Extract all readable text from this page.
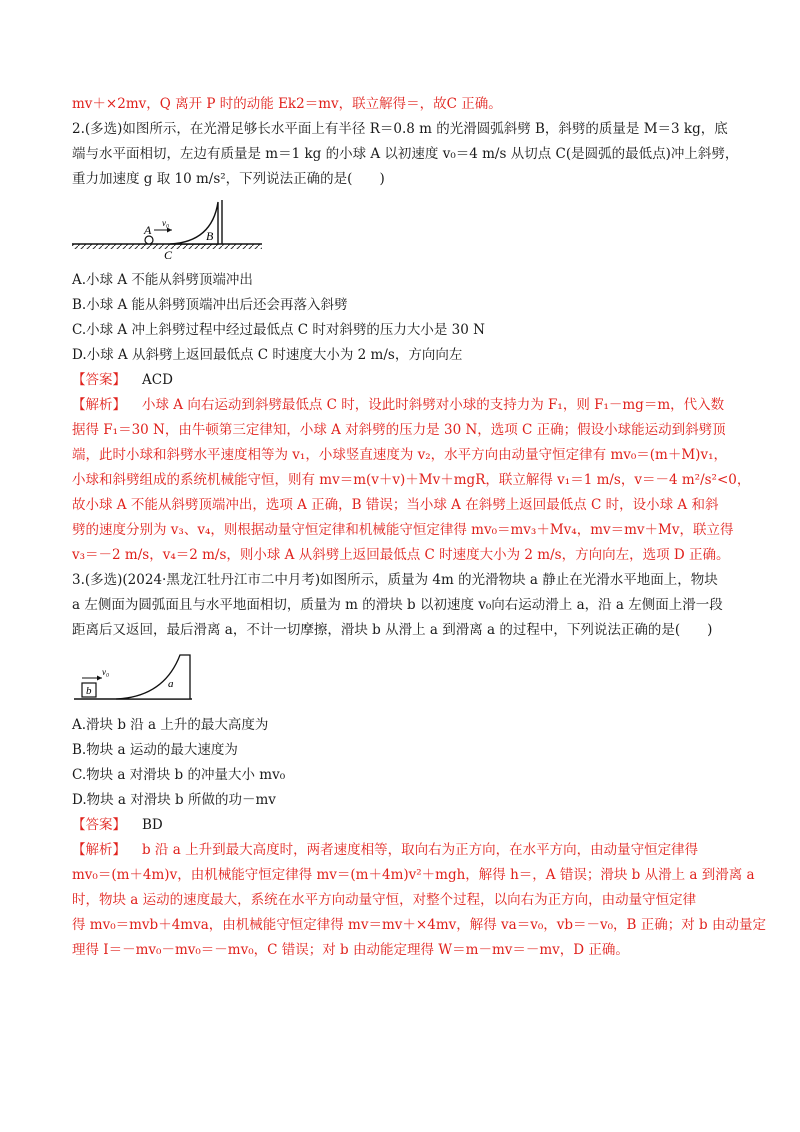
mv＋×2mv，Q 离开 P 时的动能 Ek2＝mv，联立解得＝，故C 正确。
2.(多选)如图所示，在光滑足够长水平面上有半径 R＝0.8 m 的光滑圆弧斜劈 B，斜劈的质量是 M＝3 kg，底
端与水平面相切，左边有质量是 m＝1 kg 的小球 A 以初速度 v₀＝4 m/s 从切点 C(是圆弧的最低点)冲上斜劈，
重力加速度 g 取 10 m/s²，下列说法正确的是(　　)
A v₀
B
C
A.小球 A 不能从斜劈顶端冲出
B.小球 A 能从斜劈顶端冲出后还会再落入斜劈
C.小球 A 冲上斜劈过程中经过最低点 C 时对斜劈的压力大小是 30 N
D.小球 A 从斜劈上返回最低点 C 时速度大小为 2 m/s，方向向左
【答案】 ACD
【解析】 小球 A 向右运动到斜劈最低点 C 时，设此时斜劈对小球的支持力为 F₁，则 F₁－mg＝m，代入数
据得 F₁＝30 N，由牛顿第三定律知，小球 A 对斜劈的压力是 30 N，选项 C 正确；假设小球能运动到斜劈顶
端，此时小球和斜劈水平速度相等为 v₁，小球竖直速度为 v₂，水平方向由动量守恒定律有 mv₀＝(m＋M)v₁，
小球和斜劈组成的系统机械能守恒，则有 mv＝m(v＋v)＋Mv＋mgR，联立解得 v₁＝1 m/s，v＝－4 m²/s²<0，
故小球 A 不能从斜劈顶端冲出，选项 A 正确，B 错误；当小球 A 在斜劈上返回最低点 C 时，设小球 A 和斜
劈的速度分别为 v₃、v₄，则根据动量守恒定律和机械能守恒定律得 mv₀＝mv₃＋Mv₄，mv＝mv＋Mv，联立得
v₃＝－2 m/s，v₄＝2 m/s，则小球 A 从斜劈上返回最低点 C 时速度大小为 2 m/s，方向向左，选项 D 正确。
3.(多选)(2024·黑龙江牡丹江市二中月考)如图所示，质量为 4m 的光滑物块 a 静止在光滑水平地面上，物块
a 左侧面为圆弧面且与水平地面相切，质量为 m 的滑块 b 以初速度 v₀向右运动滑上 a，沿 a 左侧面上滑一段
距离后又返回，最后滑离 a，不计一切摩擦，滑块 b 从滑上 a 到滑离 a 的过程中，下列说法正确的是(　　)
v₀
b
a
A.滑块 b 沿 a 上升的最大高度为
B.物块 a 运动的最大速度为
C.物块 a 对滑块 b 的冲量大小 mv₀
D.物块 a 对滑块 b 所做的功－mv
【答案】 BD
【解析】 b 沿 a 上升到最大高度时，两者速度相等，取向右为正方向，在水平方向，由动量守恒定律得
mv₀＝(m＋4m)v，由机械能守恒定律得 mv＝(m＋4m)v²＋mgh，解得 h＝，A 错误；滑块 b 从滑上 a 到滑离 a
时，物块 a 运动的速度最大，系统在水平方向动量守恒，对整个过程，以向右为正方向，由动量守恒定律
得 mv₀＝mvb＋4mva，由机械能守恒定律得 mv＝mv＋×4mv，解得 va＝v₀，vb＝－v₀，B 正确；对 b 由动量定
理得 I＝－mv₀－mv₀＝－mv₀，C 错误；对 b 由动能定理得 W＝m－mv＝－mv，D 正确。
